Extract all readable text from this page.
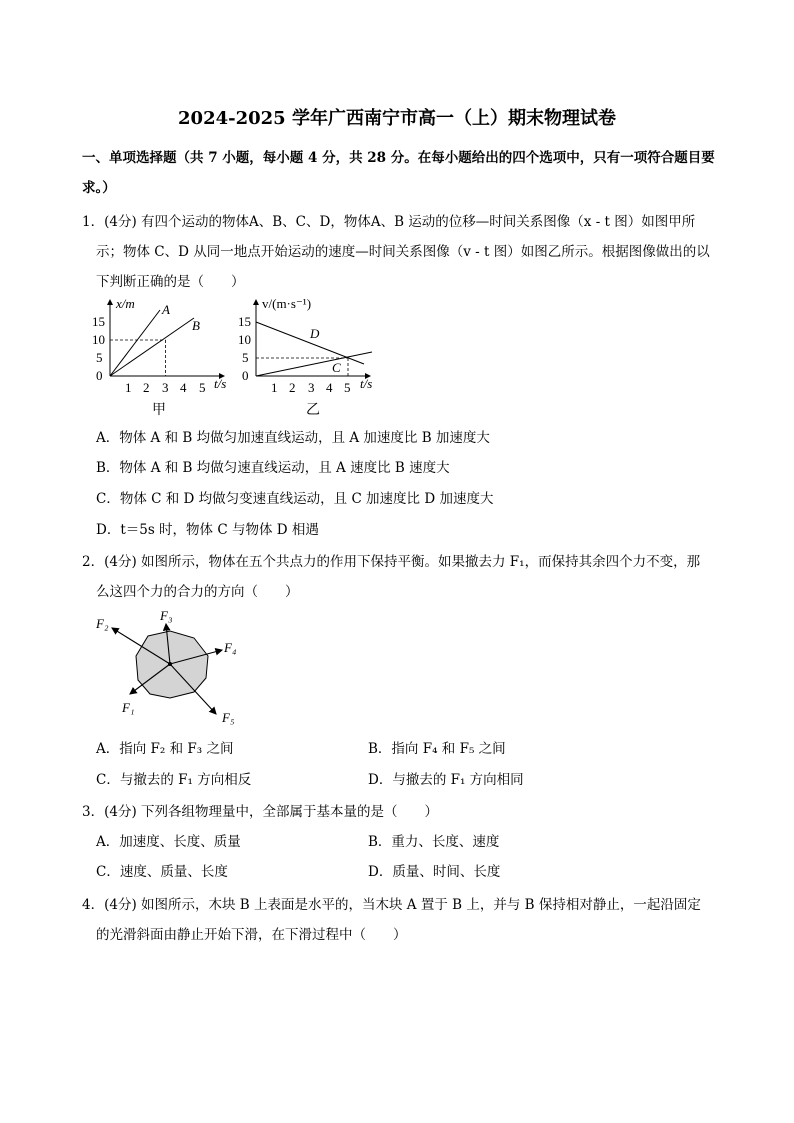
2024-2025 学年广西南宁市高一（上）期末物理试卷
一、单项选择题（共 7 小题，每小题 4 分，共 28 分。在每小题给出的四个选项中，只有一项符合题目要
求。）
1．(4分) 有四个运动的物体A、B、C、D，物体A、B 运动的位移—时间关系图像（x - t 图）如图甲所
示；物体 C、D 从同一地点开始运动的速度—时间关系图像（v - t 图）如图乙所示。根据图像做出的以
下判断正确的是（　　）
x/m A
B
15
10
5
0
1 2 3 4 5 t/s
甲
v/(m·s⁻¹)
D
C
15
10
5
0
1 2 3 4 5 t/s
乙
A．物体 A 和 B 均做匀加速直线运动，且 A 加速度比 B 加速度大
B．物体 A 和 B 均做匀速直线运动，且 A 速度比 B 速度大
C．物体 C 和 D 均做匀变速直线运动，且 C 加速度比 D 加速度大
D．t＝5s 时，物体 C 与物体 D 相遇
2．(4分) 如图所示，物体在五个共点力的作用下保持平衡。如果撤去力 F₁，而保持其余四个力不变，那
么这四个力的合力的方向（　　）
F₂
F₃
F₄
F₁
F₅
A．指向 F₂ 和 F₃ 之间	B．指向 F₄ 和 F₅ 之间
C．与撤去的 F₁ 方向相反	D．与撤去的 F₁ 方向相同
3．(4分) 下列各组物理量中，全部属于基本量的是（　　）
A．加速度、长度、质量	B．重力、长度、速度
C．速度、质量、长度	D．质量、时间、长度
4．(4分) 如图所示，木块 B 上表面是水平的，当木块 A 置于 B 上，并与 B 保持相对静止，一起沿固定
的光滑斜面由静止开始下滑，在下滑过程中（　　）
